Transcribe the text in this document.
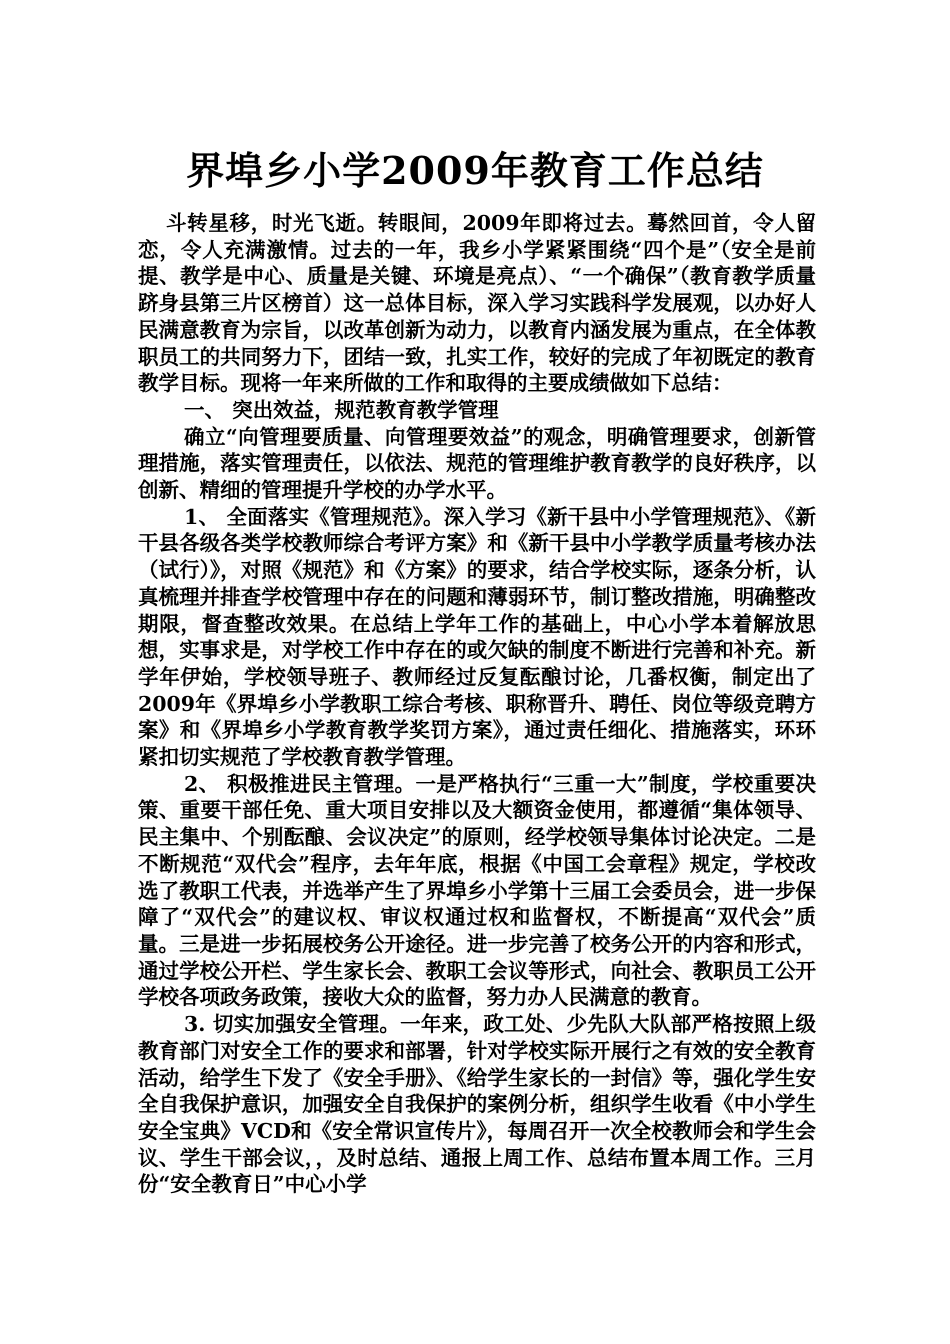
界埠乡小学2009年教育工作总结

斗转星移，时光飞逝。转眼间，2009年即将过去。蓦然回首，令人留恋，令人充满激情。过去的一年，我乡小学紧紧围绕“四个是”（安全是前提、教学是中心、质量是关键、环境是亮点）、“一个确保”（教育教学质量跻身县第三片区榜首）这一总体目标，深入学习实践科学发展观，以办好人民满意教育为宗旨，以改革创新为动力，以教育内涵发展为重点，在全体教职员工的共同努力下，团结一致，扎实工作，较好的完成了年初既定的教育教学目标。现将一年来所做的工作和取得的主要成绩做如下总结：

一、 突出效益，规范教育教学管理

确立“向管理要质量、向管理要效益”的观念，明确管理要求，创新管理措施，落实管理责任，以依法、规范的管理维护教育教学的良好秩序，以创新、精细的管理提升学校的办学水平。

1、 全面落实《管理规范》。深入学习《新干县中小学管理规范》、《新干县各级各类学校教师综合考评方案》和《新干县中小学教学质量考核办法（试行）》，对照《规范》和《方案》的要求，结合学校实际，逐条分析，认真梳理并排查学校管理中存在的问题和薄弱环节，制订整改措施，明确整改期限，督查整改效果。在总结上学年工作的基础上，中心小学本着解放思想，实事求是，对学校工作中存在的或欠缺的制度不断进行完善和补充。新学年伊始，学校领导班子、教师经过反复酝酿讨论，几番权衡，制定出了2009年《界埠乡小学教职工综合考核、职称晋升、聘任、岗位等级竞聘方案》和《界埠乡小学教育教学奖罚方案》，通过责任细化、措施落实，环环紧扣切实规范了学校教育教学管理。

2、 积极推进民主管理。一是严格执行“三重一大”制度，学校重要决策、重要干部任免、重大项目安排以及大额资金使用，都遵循“集体领导、民主集中、个别酝酿、会议决定”的原则，经学校领导集体讨论决定。二是不断规范“双代会”程序，去年年底，根据《中国工会章程》规定，学校改选了教职工代表，并选举产生了界埠乡小学第十三届工会委员会，进一步保障了“双代会”的建议权、审议权通过权和监督权，不断提高“双代会”质量。三是进一步拓展校务公开途径。进一步完善了校务公开的内容和形式，通过学校公开栏、学生家长会、教职工会议等形式，向社会、教职员工公开学校各项政务政策，接收大众的监督，努力办人民满意的教育。

3. 切实加强安全管理。一年来，政工处、少先队大队部严格按照上级教育部门对安全工作的要求和部署，针对学校实际开展行之有效的安全教育活动，给学生下发了《安全手册》、《给学生家长的一封信》等，强化学生安全自我保护意识，加强安全自我保护的案例分析，组织学生收看《中小学生安全宝典》VCD和《安全常识宣传片》，每周召开一次全校教师会和学生会议、学生干部会议，，及时总结、通报上周工作、总结布置本周工作。三月份“安全教育日”中心小学
